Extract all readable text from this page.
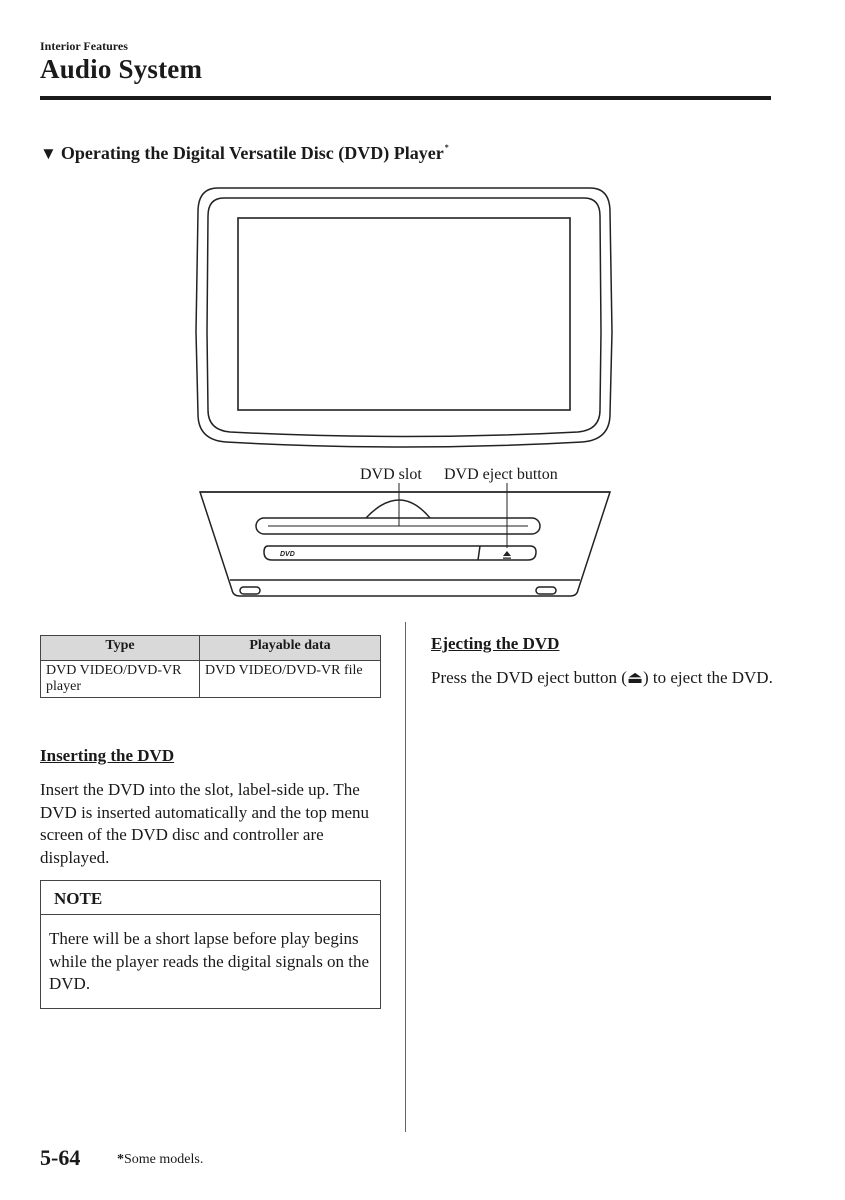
Interior Features
Audio System
▼ Operating the Digital Versatile Disc (DVD) Player*
DVD
DVD slot DVD eject button
Type	Playable data
DVD VIDEO/DVD-VR player	DVD VIDEO/DVD-VR file
Inserting the DVD
Insert the DVD into the slot, label-side up. The DVD is inserted automatically and the top menu screen of the DVD disc and controller are displayed.
NOTE
There will be a short lapse before play begins while the player reads the digital signals on the DVD.
Ejecting the DVD
Press the DVD eject button (⏏) to eject the DVD.
5-64	*Some models.
